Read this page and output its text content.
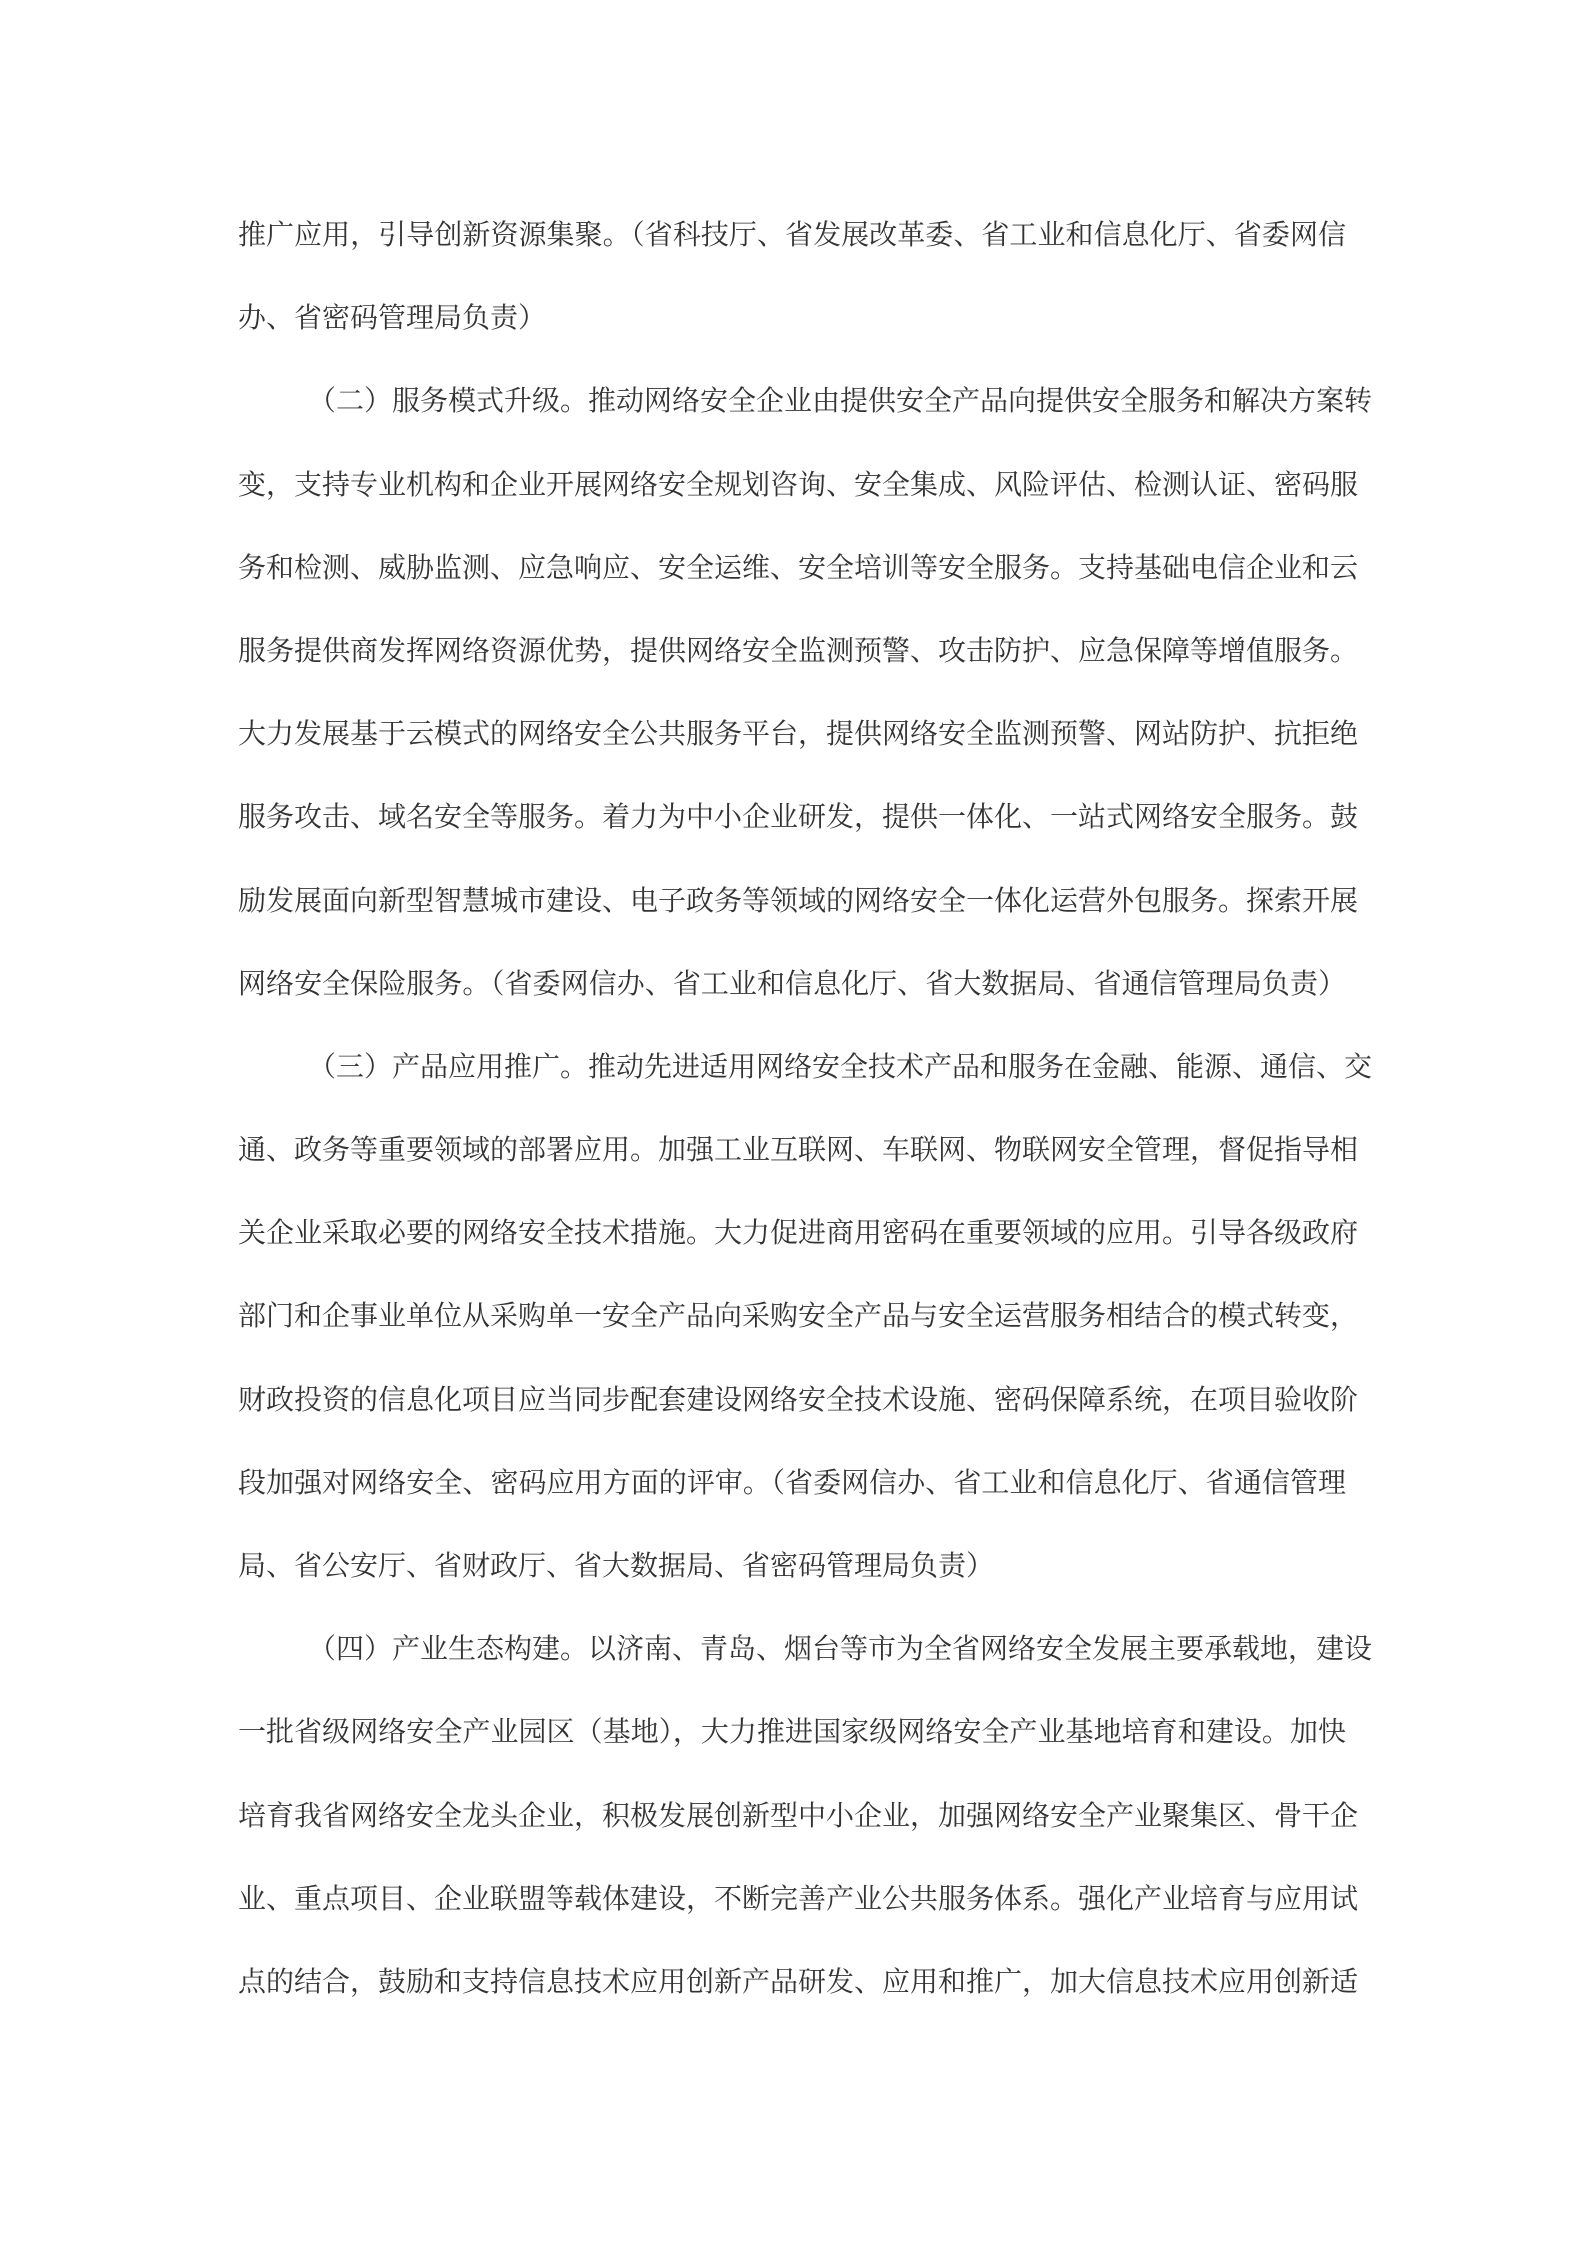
推广应用，引导创新资源集聚。（省科技厅、省发展改革委、省工业和信息化厅、省委网信
办、省密码管理局负责）
（二）服务模式升级。推动网络安全企业由提供安全产品向提供安全服务和解决方案转
变，支持专业机构和企业开展网络安全规划咨询、安全集成、风险评估、检测认证、密码服
务和检测、威胁监测、应急响应、安全运维、安全培训等安全服务。支持基础电信企业和云
服务提供商发挥网络资源优势，提供网络安全监测预警、攻击防护、应急保障等增值服务。
大力发展基于云模式的网络安全公共服务平台，提供网络安全监测预警、网站防护、抗拒绝
服务攻击、域名安全等服务。着力为中小企业研发，提供一体化、一站式网络安全服务。鼓
励发展面向新型智慧城市建设、电子政务等领域的网络安全一体化运营外包服务。探索开展
网络安全保险服务。（省委网信办、省工业和信息化厅、省大数据局、省通信管理局负责）
（三）产品应用推广。推动先进适用网络安全技术产品和服务在金融、能源、通信、交
通、政务等重要领域的部署应用。加强工业互联网、车联网、物联网安全管理，督促指导相
关企业采取必要的网络安全技术措施。大力促进商用密码在重要领域的应用。引导各级政府
部门和企事业单位从采购单一安全产品向采购安全产品与安全运营服务相结合的模式转变，
财政投资的信息化项目应当同步配套建设网络安全技术设施、密码保障系统，在项目验收阶
段加强对网络安全、密码应用方面的评审。（省委网信办、省工业和信息化厅、省通信管理
局、省公安厅、省财政厅、省大数据局、省密码管理局负责）
（四）产业生态构建。以济南、青岛、烟台等市为全省网络安全发展主要承载地，建设
一批省级网络安全产业园区（基地），大力推进国家级网络安全产业基地培育和建设。加快
培育我省网络安全龙头企业，积极发展创新型中小企业，加强网络安全产业聚集区、骨干企
业、重点项目、企业联盟等载体建设，不断完善产业公共服务体系。强化产业培育与应用试
点的结合，鼓励和支持信息技术应用创新产品研发、应用和推广，加大信息技术应用创新适
